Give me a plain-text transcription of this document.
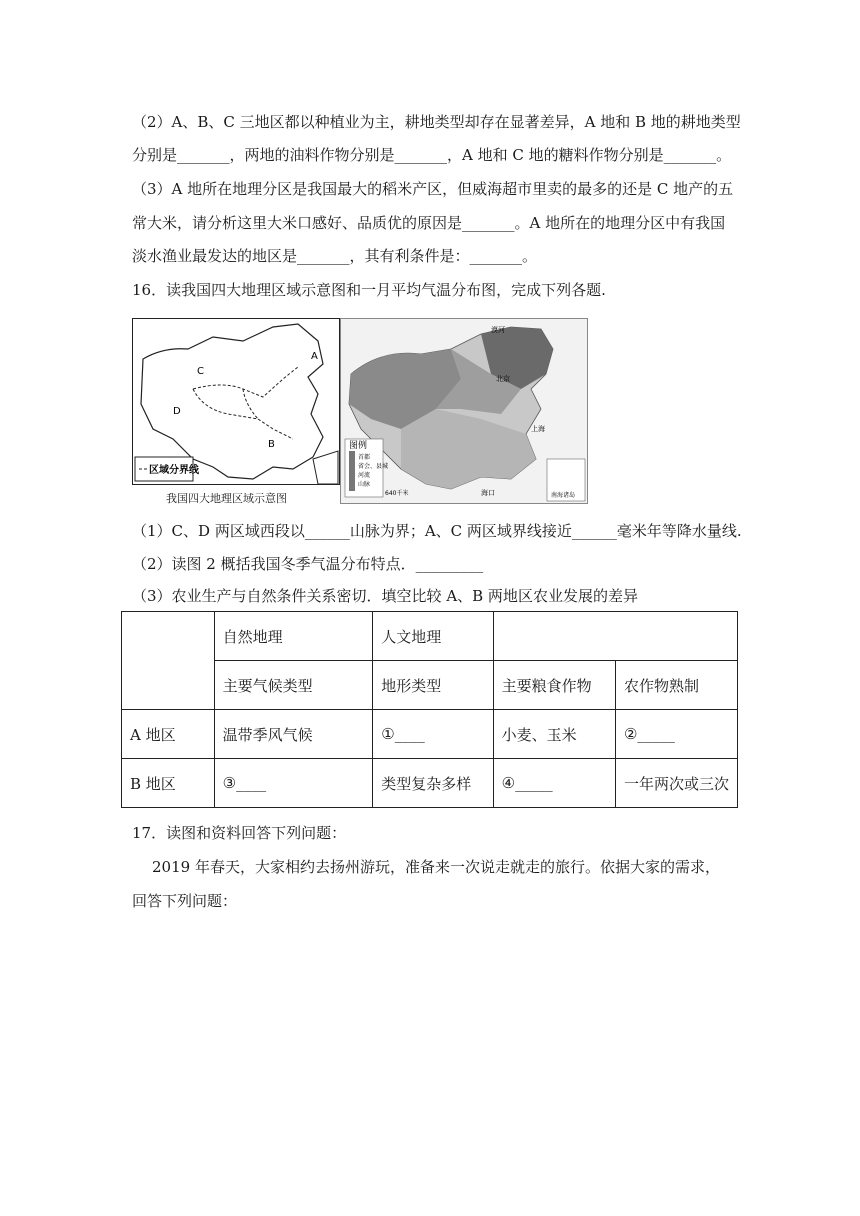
（2）A、B、C 三地区都以种植业为主，耕地类型却存在显著差异，A 地和 B 地的耕地类型
分别是_______，两地的油料作物分别是_______，A 地和 C 地的糖料作物分别是_______。
（3）A 地所在地理分区是我国最大的稻米产区，但威海超市里卖的最多的还是 C 地产的五
常大米，请分析这里大米口感好、品质优的原因是_______。A 地所在的地理分区中有我国
淡水渔业最发达的地区是_______，其有利条件是：_______。
16．读我国四大地理区域示意图和一月平均气温分布图，完成下列各题.
区域分界线
A
B
C
D
我国四大地理区域示意图
图例
首都
省会、县城
河流
山脉
640千米
漠河
北京
上海
海口	南海诸岛
（1）C、D 两区域西段以______山脉为界；A、C 两区域界线接近______毫米年等降水量线.
（2）读图 2 概括我国冬季气温分布特点．_________
（3）农业生产与自然条件关系密切．填空比较 A、B 两地区农业发展的差异
	自然地理	人文地理		
	主要气候类型	地形类型	主要粮食作物	农作物熟制
A 地区	温带季风气候	①____	小麦、玉米	②_____
B 地区	③____	类型复杂多样	④_____	一年两次或三次
17．读图和资料回答下列问题：
2019 年春天，大家相约去扬州游玩，准备来一次说走就走的旅行。依据大家的需求，
回答下列问题：
